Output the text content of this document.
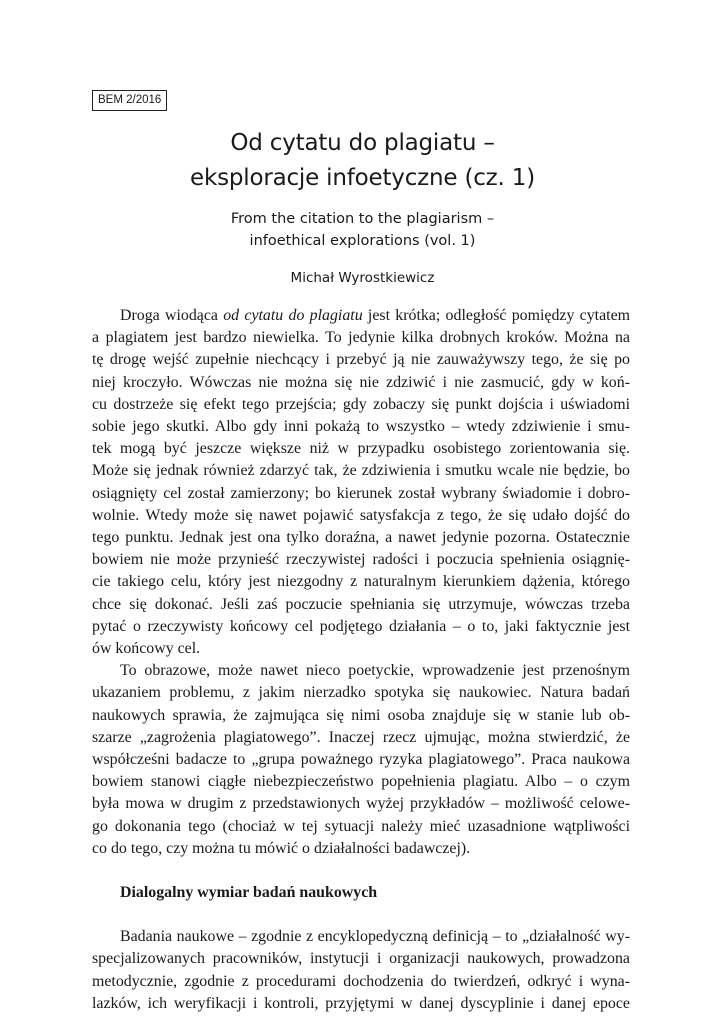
BEM 2/2016
Od cytatu do plagiatu –
eksploracje infoetyczne (cz. 1)
From the citation to the plagiarism –
infoethical explorations (vol. 1)
Michał Wyrostkiewicz
Droga wiodąca od cytatu do plagiatu jest krótka; odległość pomiędzy cytatem
a plagiatem jest bardzo niewielka. To jedynie kilka drobnych kroków. Można na
tę drogę wejść zupełnie niechcący i przebyć ją nie zauważywszy tego, że się po
niej kroczyło. Wówczas nie można się nie zdziwić i nie zasmucić, gdy w koń-
cu dostrzeże się efekt tego przejścia; gdy zobaczy się punkt dojścia i uświadomi
sobie jego skutki. Albo gdy inni pokażą to wszystko – wtedy zdziwienie i smu-
tek mogą być jeszcze większe niż w przypadku osobistego zorientowania się.
Może się jednak również zdarzyć tak, że zdziwienia i smutku wcale nie będzie, bo
osiągnięty cel został zamierzony; bo kierunek został wybrany świadomie i dobro-
wolnie. Wtedy może się nawet pojawić satysfakcja z tego, że się udało dojść do
tego punktu. Jednak jest ona tylko doraźna, a nawet jedynie pozorna. Ostatecznie
bowiem nie może przynieść rzeczywistej radości i poczucia spełnienia osiągnię-
cie takiego celu, który jest niezgodny z naturalnym kierunkiem dążenia, którego
chce się dokonać. Jeśli zaś poczucie spełniania się utrzymuje, wówczas trzeba
pytać o rzeczywisty końcowy cel podjętego działania – o to, jaki faktycznie jest
ów końcowy cel.
To obrazowe, może nawet nieco poetyckie, wprowadzenie jest przenośnym
ukazaniem problemu, z jakim nierzadko spotyka się naukowiec. Natura badań
naukowych sprawia, że zajmująca się nimi osoba znajduje się w stanie lub ob-
szarze „zagrożenia plagiatowego”. Inaczej rzecz ujmując, można stwierdzić, że
współcześni badacze to „grupa poważnego ryzyka plagiatowego”. Praca naukowa
bowiem stanowi ciągłe niebezpieczeństwo popełnienia plagiatu. Albo – o czym
była mowa w drugim z przedstawionych wyżej przykładów – możliwość celowe-
go dokonania tego (chociaż w tej sytuacji należy mieć uzasadnione wątpliwości
co do tego, czy można tu mówić o działalności badawczej).

Dialogalny wymiar badań naukowych

Badania naukowe – zgodnie z encyklopedyczną definicją – to „działalność wy-
specjalizowanych pracowników, instytucji i organizacji naukowych, prowadzona
metodycznie, zgodnie z procedurami dochodzenia do twierdzeń, odkryć i wyna-
lazków, ich weryfikacji i kontroli, przyjętymi w danej dyscyplinie i danej epoce
